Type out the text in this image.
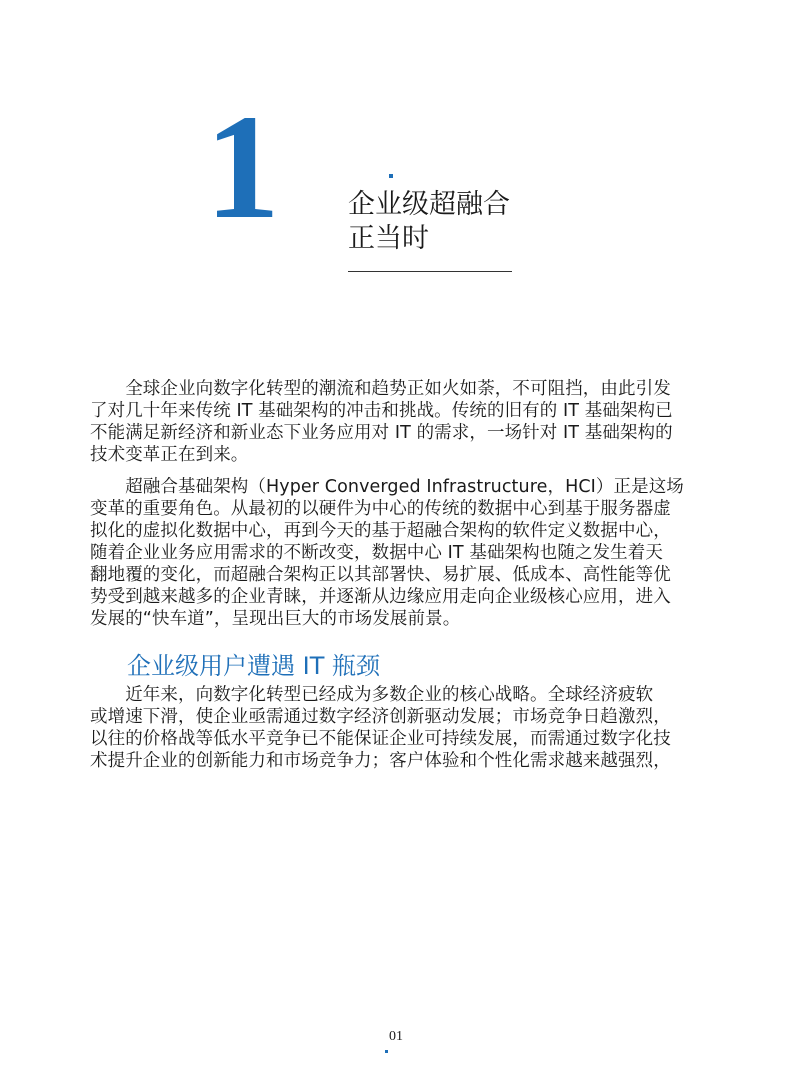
1	企业级超融合
正当时

　　全球企业向数字化转型的潮流和趋势正如火如荼，不可阻挡，由此引发
了对几十年来传统 IT 基础架构的冲击和挑战。传统的旧有的 IT 基础架构已
不能满足新经济和新业态下业务应用对 IT 的需求，一场针对 IT 基础架构的
技术变革正在到来。

　　超融合基础架构（Hyper Converged Infrastructure，HCI）正是这场
变革的重要角色。从最初的以硬件为中心的传统的数据中心到基于服务器虚
拟化的虚拟化数据中心，再到今天的基于超融合架构的软件定义数据中心，
随着企业业务应用需求的不断改变，数据中心 IT 基础架构也随之发生着天
翻地覆的变化，而超融合架构正以其部署快、易扩展、低成本、高性能等优
势受到越来越多的企业青睐，并逐渐从边缘应用走向企业级核心应用，进入
发展的“快车道”，呈现出巨大的市场发展前景。

企业级用户遭遇 IT 瓶颈

　　近年来，向数字化转型已经成为多数企业的核心战略。全球经济疲软
或增速下滑，使企业亟需通过数字经济创新驱动发展；市场竞争日趋激烈，
以往的价格战等低水平竞争已不能保证企业可持续发展，而需通过数字化技
术提升企业的创新能力和市场竞争力；客户体验和个性化需求越来越强烈，

01
